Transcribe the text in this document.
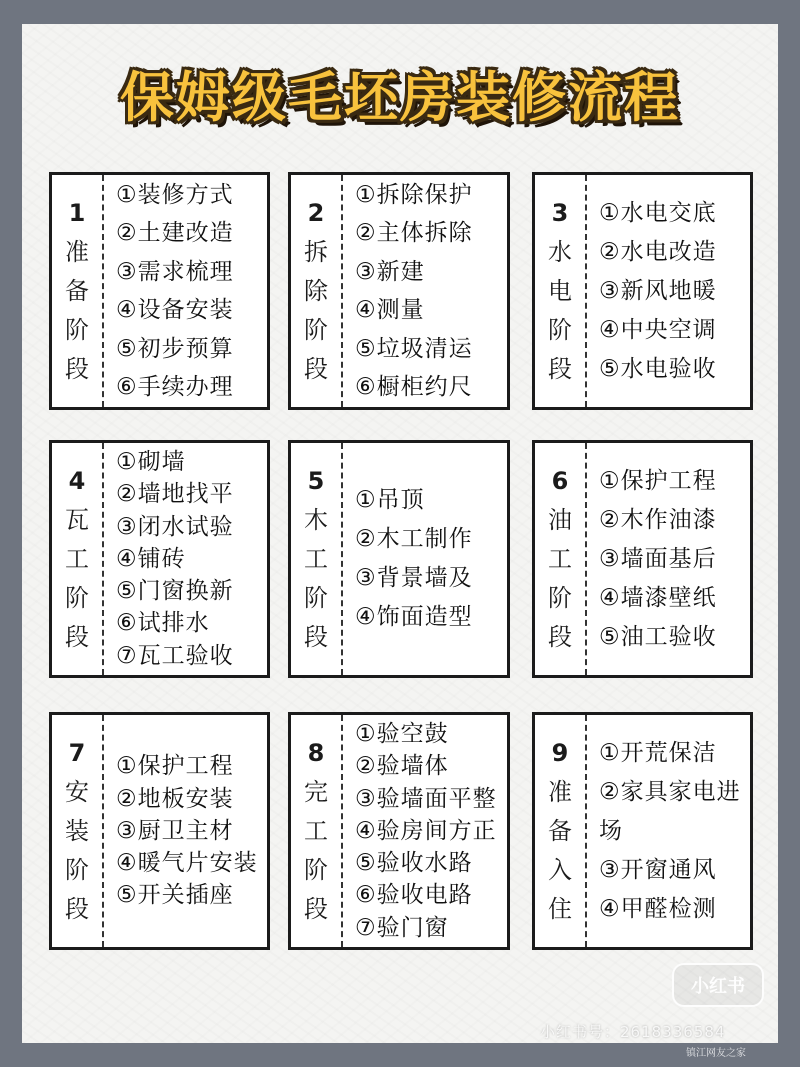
保姆级毛坯房装修流程
1
准
备
阶
段
①装修方式
②土建改造
③需求梳理
④设备安装
⑤初步预算
⑥手续办理
2
拆
除
阶
段
①拆除保护
②主体拆除
③新建
④测量
⑤垃圾清运
⑥橱柜约尺
3
水
电
阶
段
①水电交底
②水电改造
③新风地暖
④中央空调
⑤水电验收
4
瓦
工
阶
段
①砌墙
②墙地找平
③闭水试验
④铺砖
⑤门窗换新
⑥试排水
⑦瓦工验收
5
木
工
阶
段
①吊顶
②木工制作
③背景墙及
④饰面造型
6
油
工
阶
段
①保护工程
②木作油漆
③墙面基后
④墙漆壁纸
⑤油工验收
7
安
装
阶
段
①保护工程
②地板安装
③厨卫主材
④暖气片安装
⑤开关插座
8
完
工
阶
段
①验空鼓
②验墙体
③验墙面平整
④验房间方正
⑤验收水路
⑥验收电路
⑦验门窗
9
准
备
入
住
①开荒保洁
②家具家电进
场
③开窗通风
④甲醛检测
小红书
小红书号：2618336584
镇江网友之家
